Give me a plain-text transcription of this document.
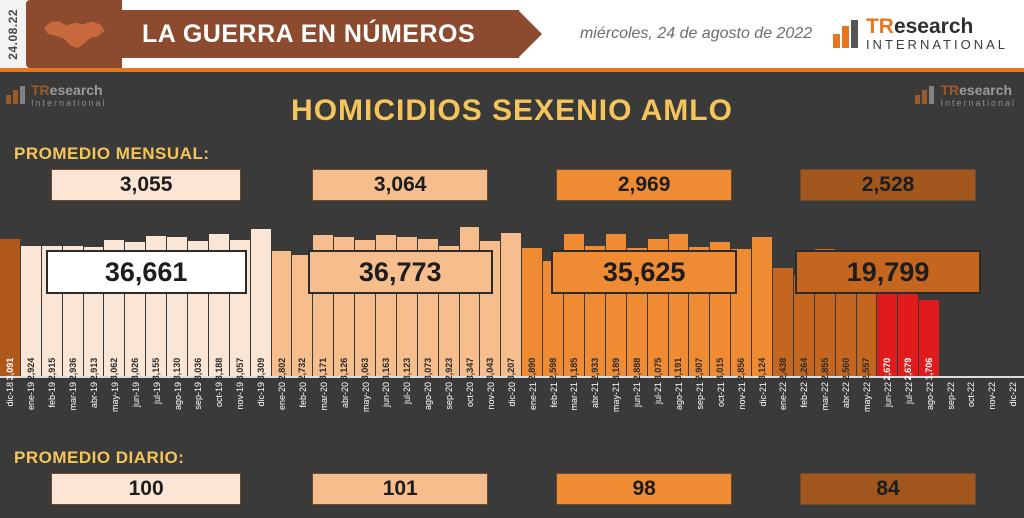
24.08.22	LA GUERRA EN NÚMEROS	miércoles, 24 de agosto de 2022	TResearch
INTERNATIONAL
TResearch
International
TResearch
International
HOMICIDIOS SEXENIO AMLO
PROMEDIO MENSUAL:
3,055	3,064	2,969	2,528
3,091 2,924 2,915 2,936 2,913 3,062 3,026 3,155 3,130 3,036 3,188 3,057 3,309 2,802 2,732 3,171 3,126 3,063 3,163 3,123 3,073 2,923 3,347 3,043 3,207 2,890 2,598 3,185 2,933 3,189 2,888 3,075 3,191 2,907 3,015 2,856 3,124 2,438 2,264 2,855 2,560 2,557 2,670 2,679 1,706
36,661	36,773	35,625	19,799
dic-18 ene-19 feb-19 mar-19 abr-19 may-19 jun-19 jul-19 ago-19 sep-19 oct-19 nov-19 dic-19 ene-20 feb-20 mar-20 abr-20 may-20 jun-20 jul-20 ago-20 sep-20 oct-20 nov-20 dic-20 ene-21 feb-21 mar-21 abr-21 may-21 jun-21 jul-21 ago-21 sep-21 oct-21 nov-21 dic-21 ene-22 feb-22 mar-22 abr-22 may-22 jun-22 jul-22 ago-22 sep-22 oct-22 nov-22 dic-22
PROMEDIO DIARIO:
100	101	98	84
